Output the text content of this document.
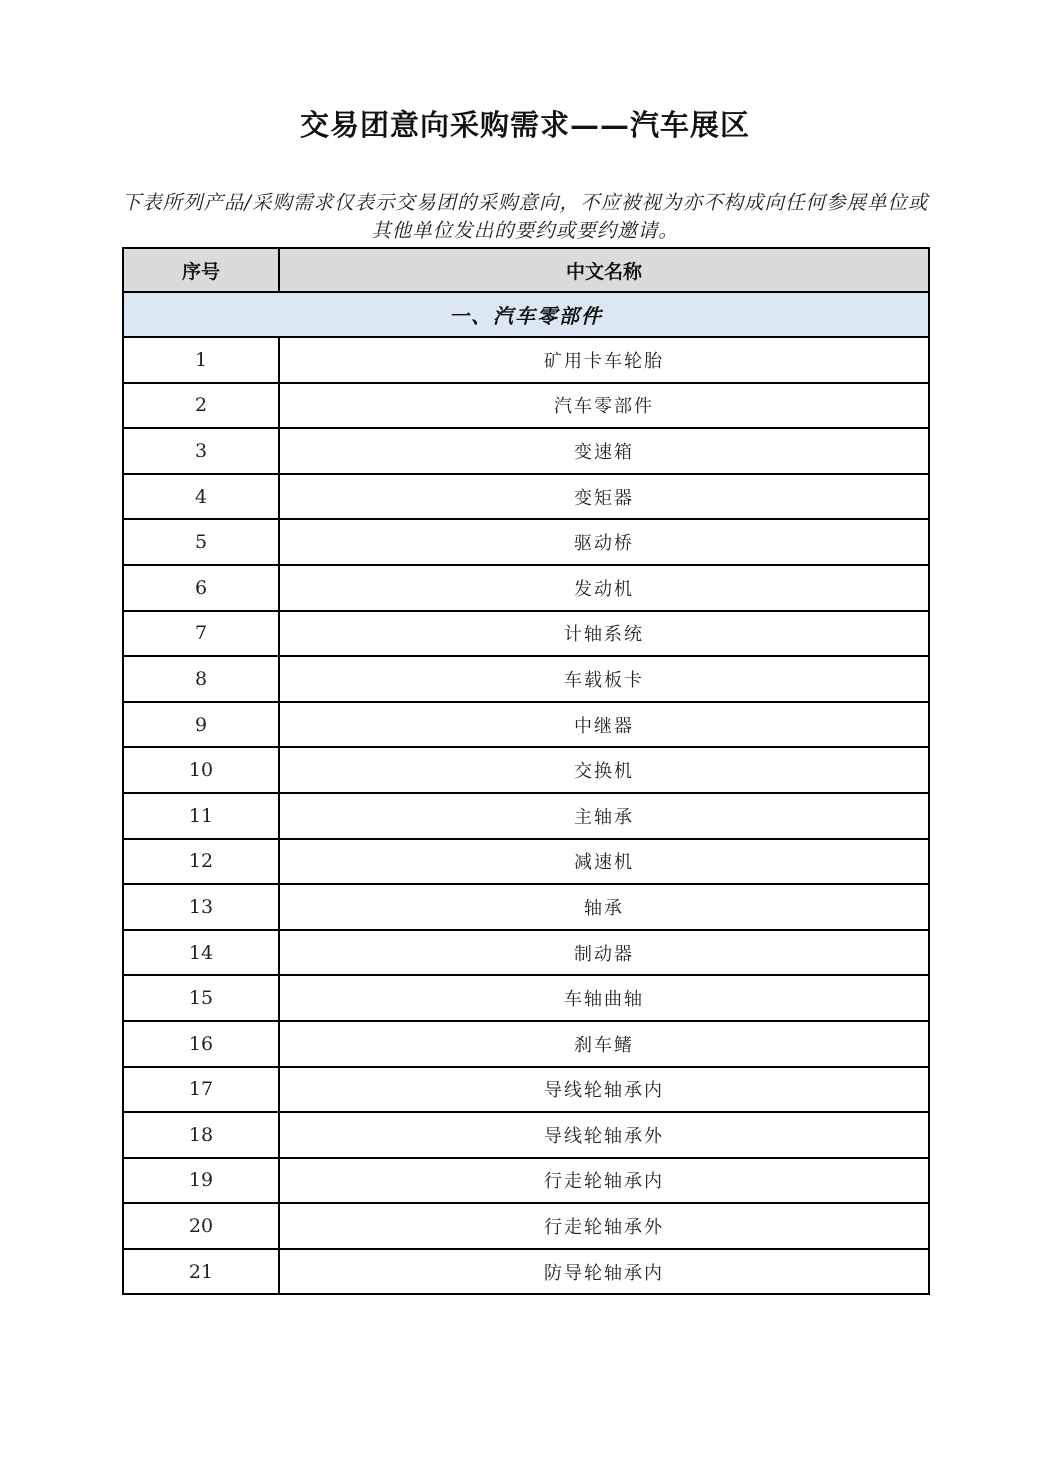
交易团意向采购需求——汽车展区
下表所列产品/采购需求仅表示交易团的采购意向，不应被视为亦不构成向任何参展单位或其他单位发出的要约或要约邀请。
序号	中文名称
一、汽车零部件	
1	矿用卡车轮胎
2	汽车零部件
3	变速箱
4	变矩器
5	驱动桥
6	发动机
7	计轴系统
8	车载板卡
9	中继器
10	交换机
11	主轴承
12	减速机
13	轴承
14	制动器
15	车轴曲轴
16	刹车鳍
17	导线轮轴承内
18	导线轮轴承外
19	行走轮轴承内
20	行走轮轴承外
21	防导轮轴承内
